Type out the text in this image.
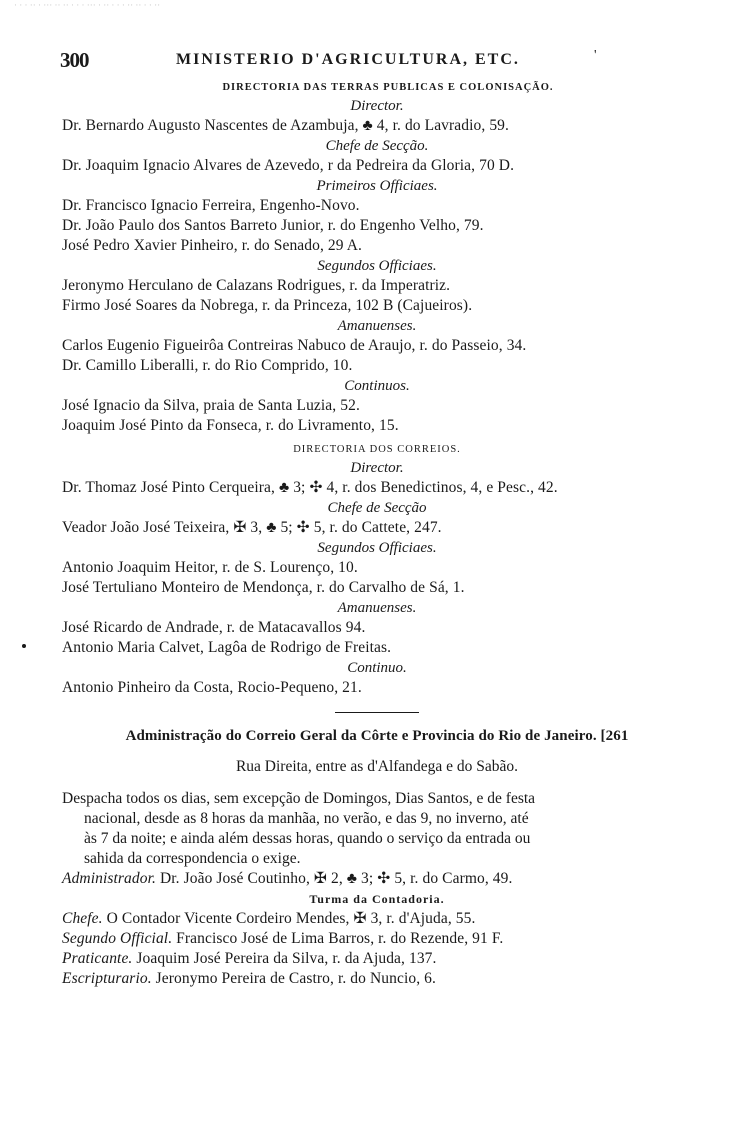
· · · ·· · ··· ·· ·· · · · ··· · ·· · · · ·· ·· · · ··
300	MINISTERIO D'AGRICULTURA, ETC.	'

DIRECTORIA DAS TERRAS PUBLICAS E COLONISAÇÃO.

Director.

Dr. Bernardo Augusto Nascentes de Azambuja, ♣ 4, r. do Lavradio, 59.

Chefe de Secção.

Dr. Joaquim Ignacio Alvares de Azevedo, r da Pedreira da Gloria, 70 D.

Primeiros Officiaes.

Dr. Francisco Ignacio Ferreira, Engenho-Novo.

Dr. João Paulo dos Santos Barreto Junior, r. do Engenho Velho, 79.

José Pedro Xavier Pinheiro, r. do Senado, 29 A.

Segundos Officiaes.

Jeronymo Herculano de Calazans Rodrigues, r. da Imperatriz.

Firmo José Soares da Nobrega, r. da Princeza, 102 B (Cajueiros).

Amanuenses.

Carlos Eugenio Figueirôa Contreiras Nabuco de Araujo, r. do Passeio, 34.

Dr. Camillo Liberalli, r. do Rio Comprido, 10.

Continuos.

José Ignacio da Silva, praia de Santa Luzia, 52.

Joaquim José Pinto da Fonseca, r. do Livramento, 15.

DIRECTORIA DOS CORREIOS.

Director.

Dr. Thomaz José Pinto Cerqueira, ♣ 3; ✣ 4, r. dos Benedictinos, 4, e Pesc., 42.

Chefe de Secção

Veador João José Teixeira, ✠ 3, ♣ 5; ✣ 5, r. do Cattete, 247.

Segundos Officiaes.

Antonio Joaquim Heitor, r. de S. Lourenço, 10.

José Tertuliano Monteiro de Mendonça, r. do Carvalho de Sá, 1.

Amanuenses.

José Ricardo de Andrade, r. de Matacavallos 94.

Antonio Maria Calvet, Lagôa de Rodrigo de Freitas.

Continuo.

Antonio Pinheiro da Costa, Rocio-Pequeno, 21.

Administração do Correio Geral da Côrte e Provincia do Rio de Janeiro. [261

Rua Direita, entre as d'Alfandega e do Sabão.

Despacha todos os dias, sem excepção de Domingos, Dias Santos, e de festa
nacional, desde as 8 horas da manhãa, no verão, e das 9, no inverno, até
às 7 da noite; e ainda além dessas horas, quando o serviço da entrada ou
sahida da correspondencia o exige.

Administrador. Dr. João José Coutinho, ✠ 2, ♣ 3; ✣ 5, r. do Carmo, 49.

Turma da Contadoria.

Chefe. O Contador Vicente Cordeiro Mendes, ✠ 3, r. d'Ajuda, 55.

Segundo Official. Francisco José de Lima Barros, r. do Rezende, 91 F.

Praticante. Joaquim José Pereira da Silva, r. da Ajuda, 137.

Escripturario. Jeronymo Pereira de Castro, r. do Nuncio, 6.
